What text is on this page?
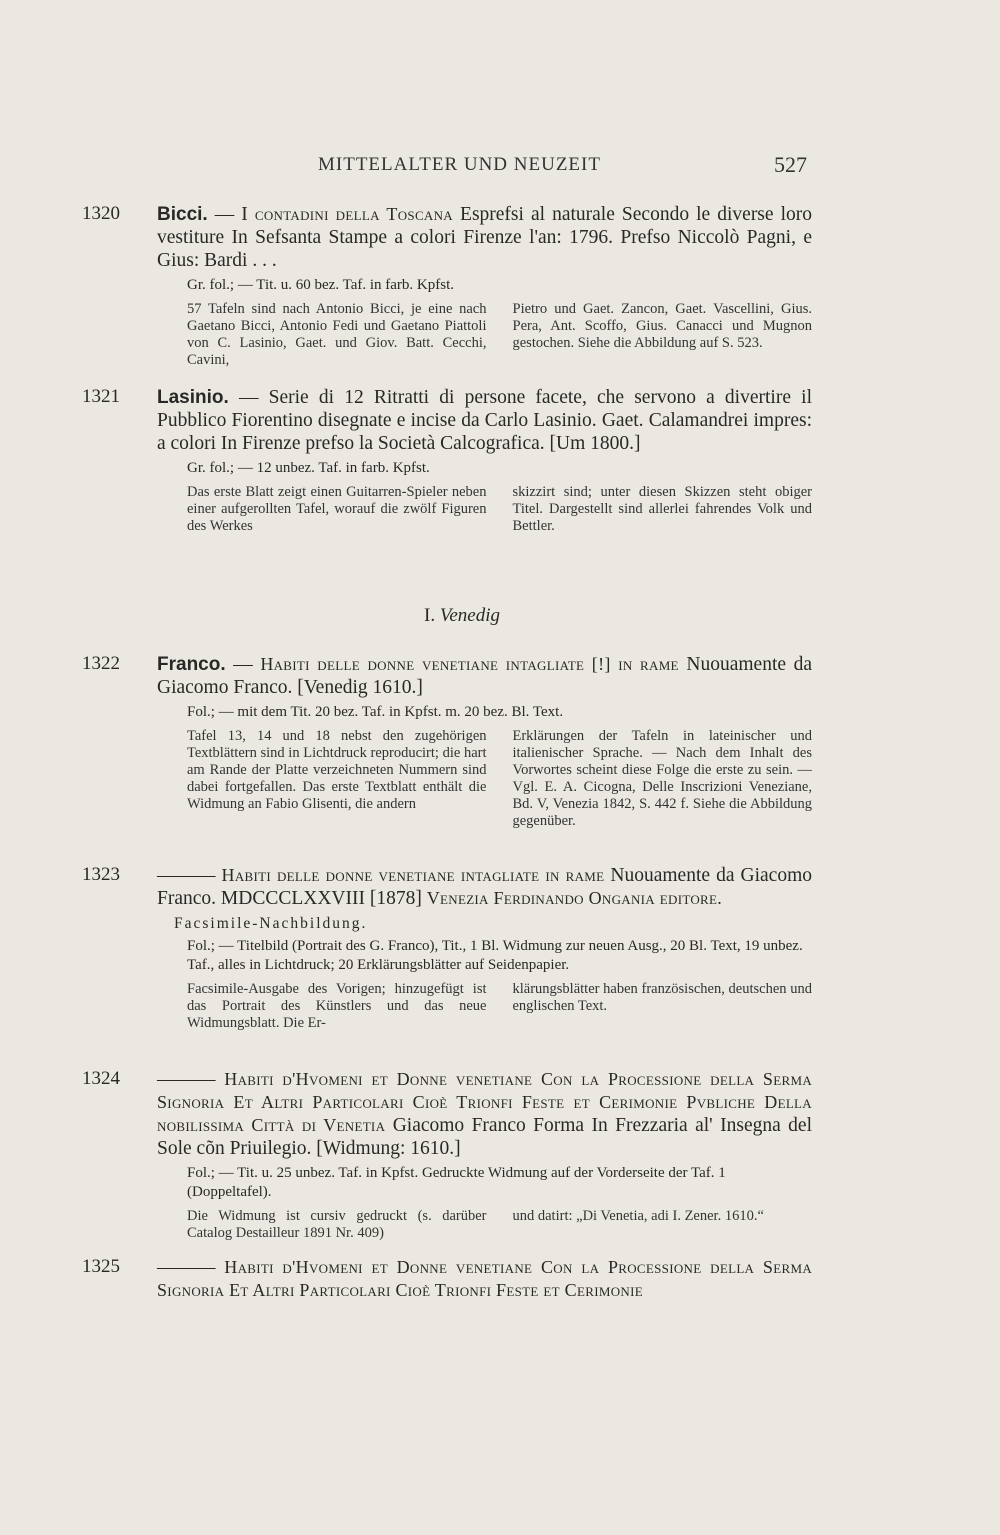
MITTELALTER UND NEUZEIT	527
1320 Bicci. — I contadini della Toscana Esprefsi al naturale Secondo le diverse loro vestiture In Sefsanta Stampe a colori Firenze l'an: 1796. Prefso Niccolò Pagni, e Gius: Bardi . . .
Gr. fol.; — Tit. u. 60 bez. Taf. in farb. Kpfst.
57 Tafeln sind nach Antonio Bicci, je eine nach Gaetano Bicci, Antonio Fedi und Gaetano Piattoli von C. Lasinio, Gaet. und Giov. Batt. Cecchi, Cavini,
Pietro und Gaet. Zancon, Gaet. Vascellini, Gius. Pera, Ant. Scoffo, Gius. Canacci und Mugnon gestochen. Siehe die Abbildung auf S. 523.
1321 Lasinio. — Serie di 12 Ritratti di persone facete, che servono a divertire il Pubblico Fiorentino disegnate e incise da Carlo Lasinio. Gaet. Calamandrei impres: a colori In Firenze prefso la Società Calcografica. [Um 1800.]
Gr. fol.; — 12 unbez. Taf. in farb. Kpfst.
Das erste Blatt zeigt einen Guitarren-Spieler neben einer aufgerollten Tafel, worauf die zwölf Figuren des Werkes
skizzirt sind; unter diesen Skizzen steht obiger Titel. Dargestellt sind allerlei fahrendes Volk und Bettler.
I. Venedig
1322 Franco. — Habiti delle donne venetiane intagliate [!] in rame Nuouamente da Giacomo Franco. [Venedig 1610.]
Fol.; — mit dem Tit. 20 bez. Taf. in Kpfst. m. 20 bez. Bl. Text.
Tafel 13, 14 und 18 nebst den zugehörigen Textblättern sind in Lichtdruck reproducirt; die hart am Rande der Platte verzeichneten Nummern sind dabei fortgefallen. Das erste Textblatt enthält die Widmung an Fabio Glisenti, die andern
Erklärungen der Tafeln in lateinischer und italienischer Sprache. — Nach dem Inhalt des Vorwortes scheint diese Folge die erste zu sein. — Vgl. E. A. Cicogna, Delle Inscrizioni Veneziane, Bd. V, Venezia 1842, S. 442 f. Siehe die Abbildung gegenüber.
1323 ——— Habiti delle donne venetiane intagliate in rame Nuouamente da Giacomo Franco. MDCCCLXXVIII [1878] Venezia Ferdinando Ongania editore.
Facsimile-Nachbildung.
Fol.; — Titelbild (Portrait des G. Franco), Tit., 1 Bl. Widmung zur neuen Ausg., 20 Bl. Text, 19 unbez. Taf., alles in Lichtdruck; 20 Erklärungsblätter auf Seidenpapier.
Facsimile-Ausgabe des Vorigen; hinzugefügt ist das Portrait des Künstlers und das neue Widmungsblatt. Die Er-
klärungsblätter haben französischen, deutschen und englischen Text.
1324 ——— Habiti d'Hvomeni et Donne venetiane Con la Processione della Serma Signoria Et Altri Particolari Cioè Trionfi Feste et Cerimonie Pvbliche Della nobilissima Città di Venetia Giacomo Franco Forma In Frezzaria al' Insegna del Sole cõn Priuilegio. [Widmung: 1610.]
Fol.; — Tit. u. 25 unbez. Taf. in Kpfst. Gedruckte Widmung auf der Vorderseite der Taf. 1 (Doppeltafel).
Die Widmung ist cursiv gedruckt (s. darüber Catalog Destailleur 1891 Nr. 409)
und datirt: „Di Venetia, adi I. Zener. 1610.“
1325 ——— Habiti d'Hvomeni et Donne venetiane Con la Processione della Serma Signoria Et Altri Particolari Cioè Trionfi Feste et Cerimonie
